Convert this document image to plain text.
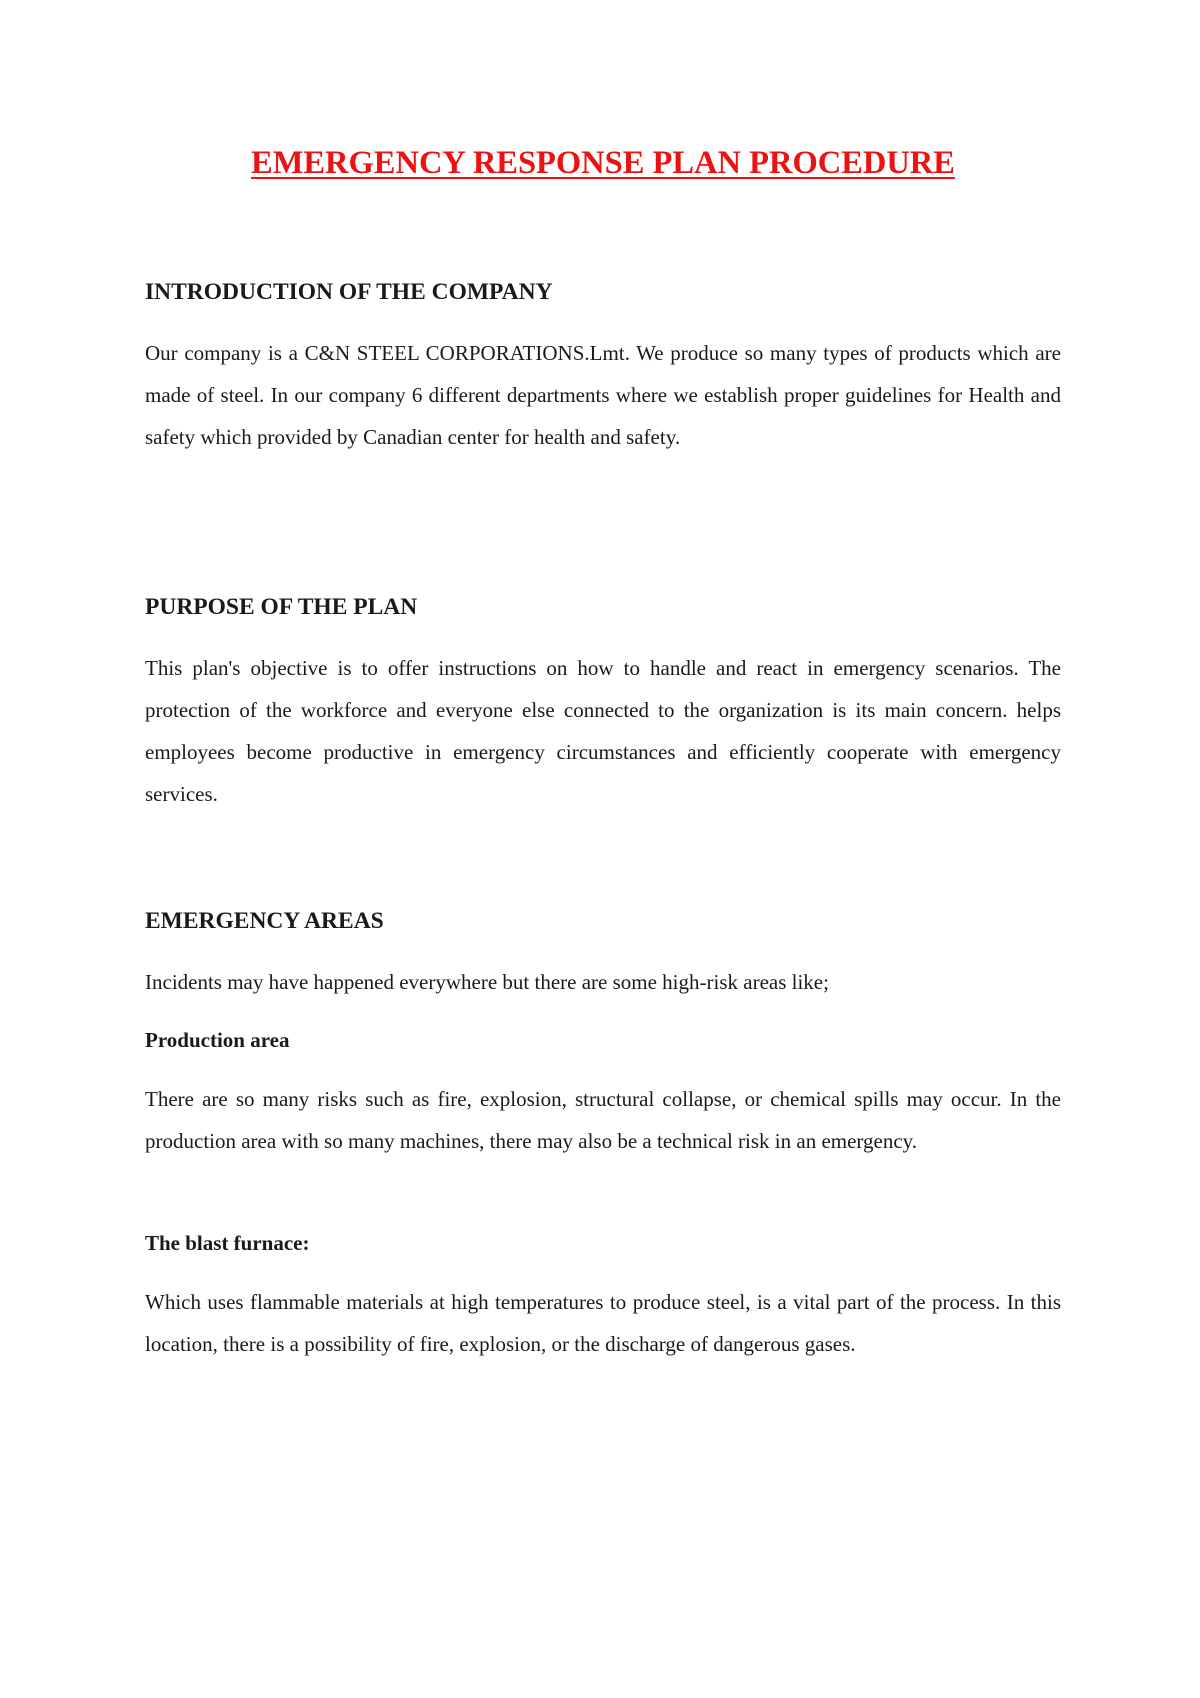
EMERGENCY RESPONSE PLAN PROCEDURE
INTRODUCTION OF THE COMPANY

Our company is a C&N STEEL CORPORATIONS.Lmt. We produce so many types of products which are made of steel. In our company 6 different departments where we establish proper guidelines for Health and safety which provided by Canadian center for health and safety.

PURPOSE OF THE PLAN

This plan's objective is to offer instructions on how to handle and react in emergency scenarios. The protection of the workforce and everyone else connected to the organization is its main concern. helps employees become productive in emergency circumstances and efficiently cooperate with emergency services.

EMERGENCY AREAS

Incidents may have happened everywhere but there are some high-risk areas like;

Production area

There are so many risks such as fire, explosion, structural collapse, or chemical spills may occur. In the production area with so many machines, there may also be a technical risk in an emergency.

The blast furnace:

Which uses flammable materials at high temperatures to produce steel, is a vital part of the process. In this location, there is a possibility of fire, explosion, or the discharge of dangerous gases.
